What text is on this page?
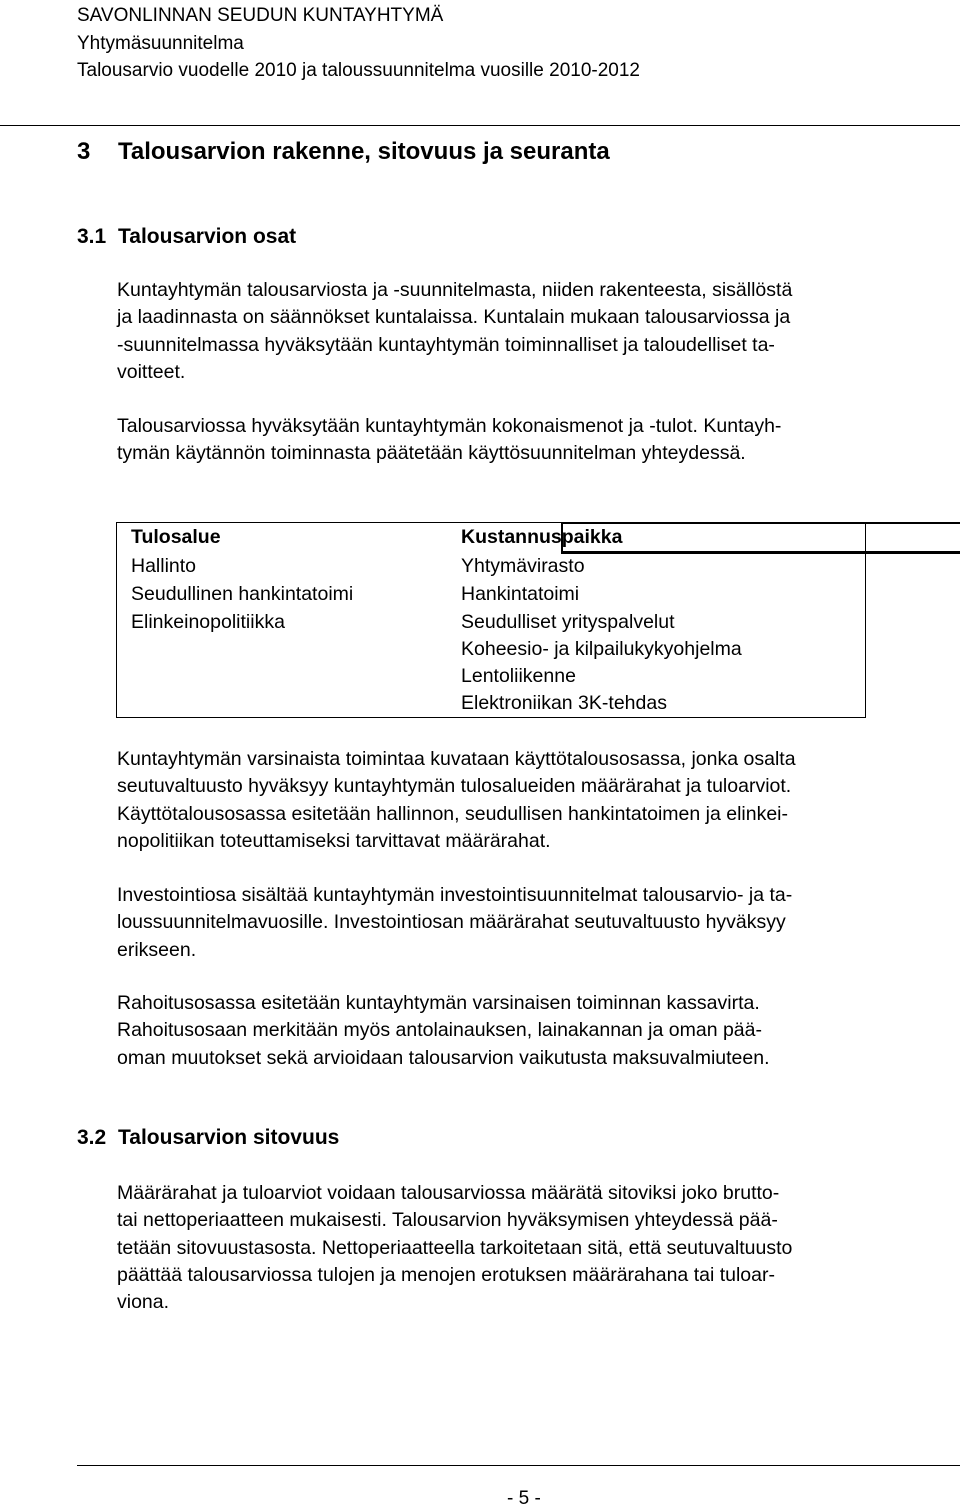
SAVONLINNAN SEUDUN KUNTAYHTYMÄ
Yhtymäsuunnitelma
Talousarvio vuodelle 2010 ja taloussuunnitelma vuosille 2010-2012
3 Talousarvion rakenne, sitovuus ja seuranta
3.1 Talousarvion osat
Kuntayhtymän talousarviosta ja -suunnitelmasta, niiden rakenteesta, sisällöstä
ja laadinnasta on säännökset kuntalaissa. Kuntalain mukaan talousarviossa ja
-suunnitelmassa hyväksytään kuntayhtymän toiminnalliset ja taloudelliset ta-
voitteet.
Talousarviossa hyväksytään kuntayhtymän kokonaismenot ja -tulot. Kuntayh-
tymän käytännön toiminnasta päätetään käyttösuunnitelman yhteydessä.
Tulosalue	Kustannuspaikka
Hallinto
Seudullinen hankintatoimi
Elinkeinopolitiikka
Yhtymävirasto
Hankintatoimi
Seudulliset yrityspalvelut
Koheesio- ja kilpailukykyohjelma
Lentoliikenne
Elektroniikan 3K-tehdas
Kuntayhtymän varsinaista toimintaa kuvataan käyttötalousosassa, jonka osalta
seutuvaltuusto hyväksyy kuntayhtymän tulosalueiden määrärahat ja tuloarviot.
Käyttötalousosassa esitetään hallinnon, seudullisen hankintatoimen ja elinkei-
nopolitiikan toteuttamiseksi tarvittavat määrärahat.
Investointiosa sisältää kuntayhtymän investointisuunnitelmat talousarvio- ja ta-
loussuunnitelmavuosille. Investointiosan määrärahat seutuvaltuusto hyväksyy
erikseen.
Rahoitusosassa esitetään kuntayhtymän varsinaisen toiminnan kassavirta.
Rahoitusosaan merkitään myös antolainauksen, lainakannan ja oman pää-
oman muutokset sekä arvioidaan talousarvion vaikutusta maksuvalmiuteen.
3.2 Talousarvion sitovuus
Määrärahat ja tuloarviot voidaan talousarviossa määrätä sitoviksi joko brutto-
tai nettoperiaatteen mukaisesti. Talousarvion hyväksymisen yhteydessä pää-
tetään sitovuustasosta. Nettoperiaatteella tarkoitetaan sitä, että seutuvaltuusto
päättää talousarviossa tulojen ja menojen erotuksen määrärahana tai tuloar-
viona.
- 5 -
